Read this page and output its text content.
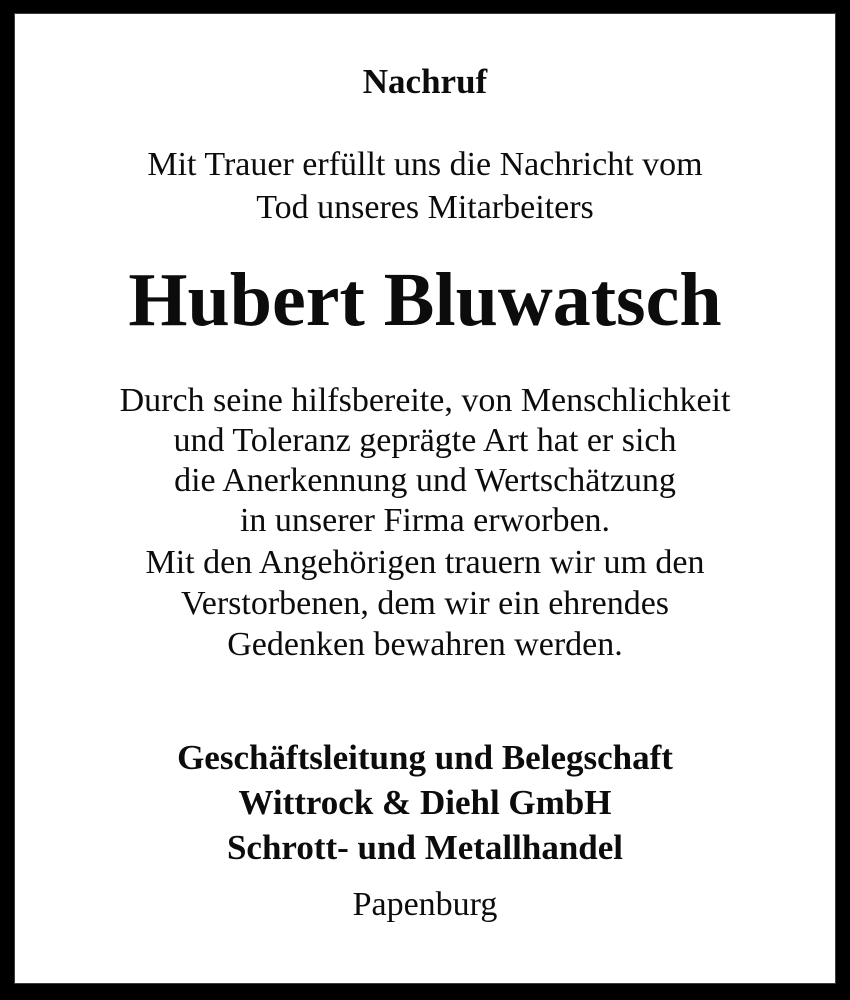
Nachruf
Mit Trauer erfüllt uns die Nachricht vom
Tod unseres Mitarbeiters
Hubert Bluwatsch
Durch seine hilfsbereite, von Menschlichkeit
und Toleranz geprägte Art hat er sich
die Anerkennung und Wertschätzung
in unserer Firma erworben.
Mit den Angehörigen trauern wir um den
Verstorbenen, dem wir ein ehrendes
Gedenken bewahren werden.
Geschäftsleitung und Belegschaft
Wittrock & Diehl GmbH
Schrott- und Metallhandel
Papenburg
